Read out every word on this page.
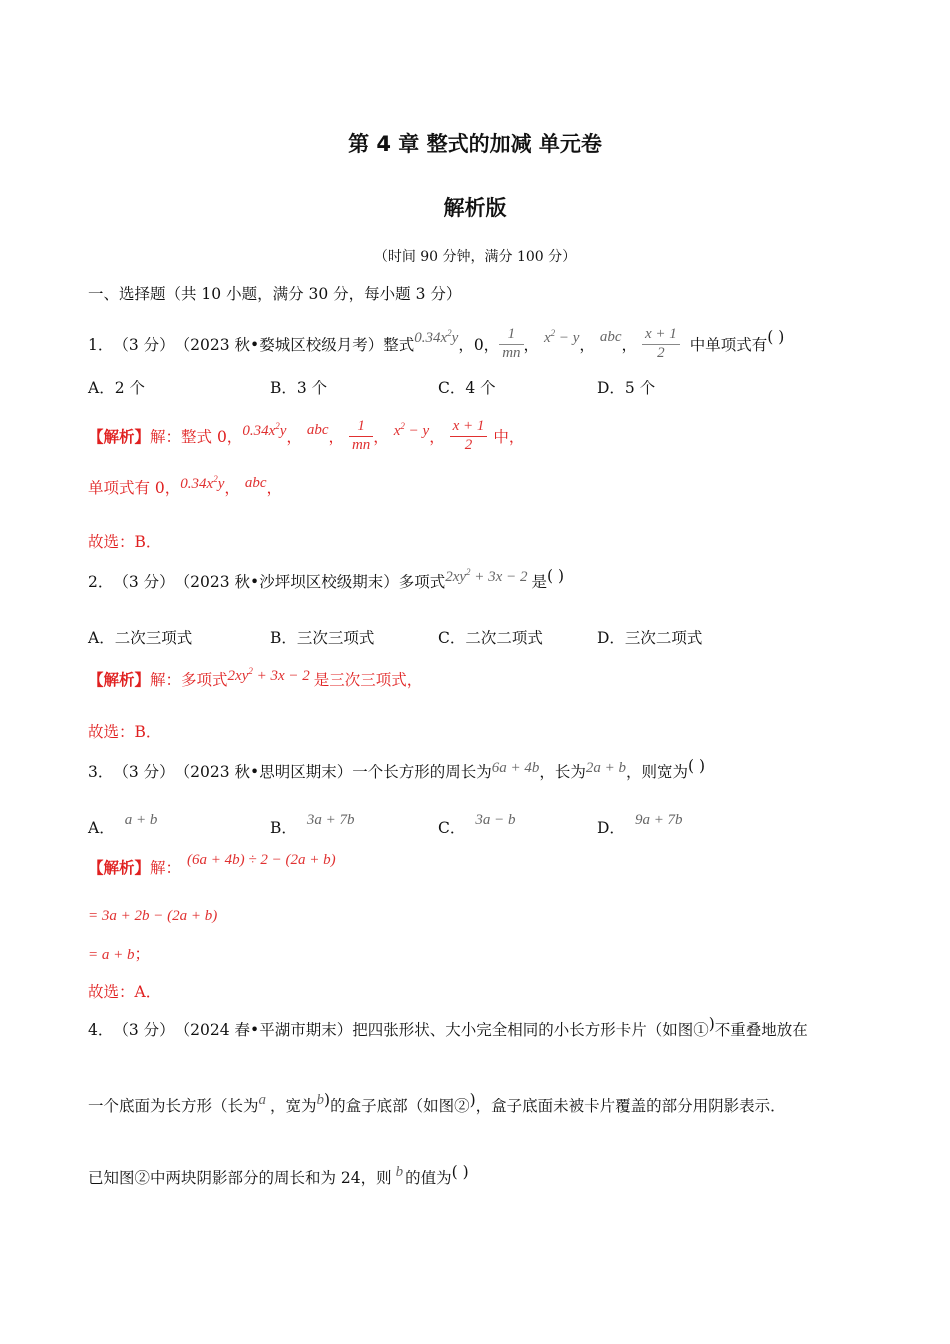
第 4 章 整式的加减 单元卷
解析版
（时间 90 分钟，满分 100 分）
一、选择题（共 10 小题，满分 30 分，每小题 3 分）
1． （3 分） （2023 秋•婺城区校级月考） 整式 $0.34x^2y$ ，0， $\frac{1}{mn}$ ， $x^2 - y$ ， abc ， $\frac{x + 1}{2}$ 中单项式有 ( )
A．2 个	B．3 个	C．4 个	D．5 个
【解析】 解：整式 0， $0.34x^2y$ ， abc ， $\frac{1}{mn}$ ， $x^2 - y$ ， $\frac{x + 1}{2}$ 中，
单项式有 0， $0.34x^2y$ ， abc ，
故选：B．
2． （3 分） （2023 秋•沙坪坝区校级期末） 多项式 $2xy^2 + 3x - 2$ 是 ( )
A．二次三项式	B．三次三项式	C．二次二项式	D．三次二项式
【解析】 解：多项式 $2xy^2 + 3x - 2$ 是三次三项式，
故选：B．
3． （3 分） （2023 秋•思明区期末） 一个长方形的周长为 6a + 4b ，长为 2a + b ，则宽为 ( )
A． a + b	B． 3a + 7b	C． 3a − b	D． 9a + 7b
【解析】 解： (6a + 4b) ÷ 2 − (2a + b)
= 3a + 2b − (2a + b)
= a + b；
故选：A．
4． （3 分） （2024 春•平湖市期末） 把四张形状、大小完全相同的小长方形卡片（如图① ) 不重叠地放在
一个底面为长方形（长为 a ，宽为 b ) 的盒子底部（如图② ) ，盒子底面未被卡片覆盖的部分用阴影表示．
已知图②中两块阴影部分的周长和为 24，则 b 的值为 ( )
